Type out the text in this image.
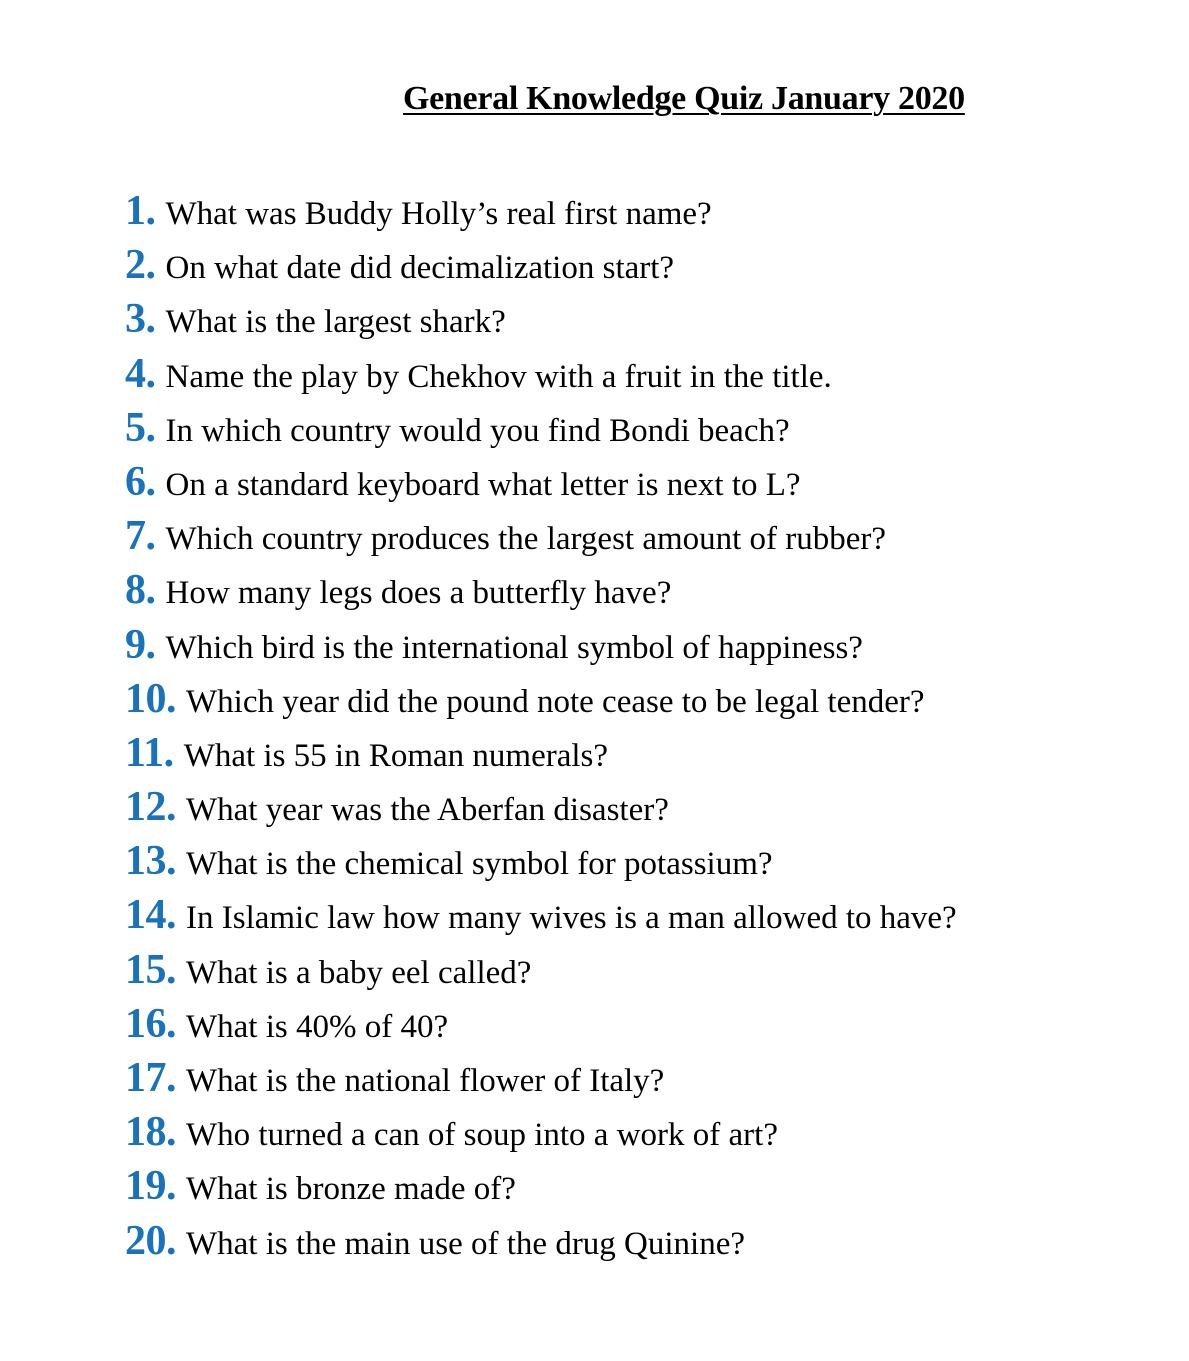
General Knowledge Quiz January 2020
1. What was Buddy Holly’s real first name?
2. On what date did decimalization start?
3. What is the largest shark?
4. Name the play by Chekhov with a fruit in the title.
5. In which country would you find Bondi beach?
6. On a standard keyboard what letter is next to L?
7. Which country produces the largest amount of rubber?
8. How many legs does a butterfly have?
9. Which bird is the international symbol of happiness?
10. Which year did the pound note cease to be legal tender?
11. What is 55 in Roman numerals?
12. What year was the Aberfan disaster?
13. What is the chemical symbol for potassium?
14. In Islamic law how many wives is a man allowed to have?
15. What is a baby eel called?
16. What is 40% of 40?
17. What is the national flower of Italy?
18. Who turned a can of soup into a work of art?
19. What is bronze made of?
20. What is the main use of the drug Quinine?
